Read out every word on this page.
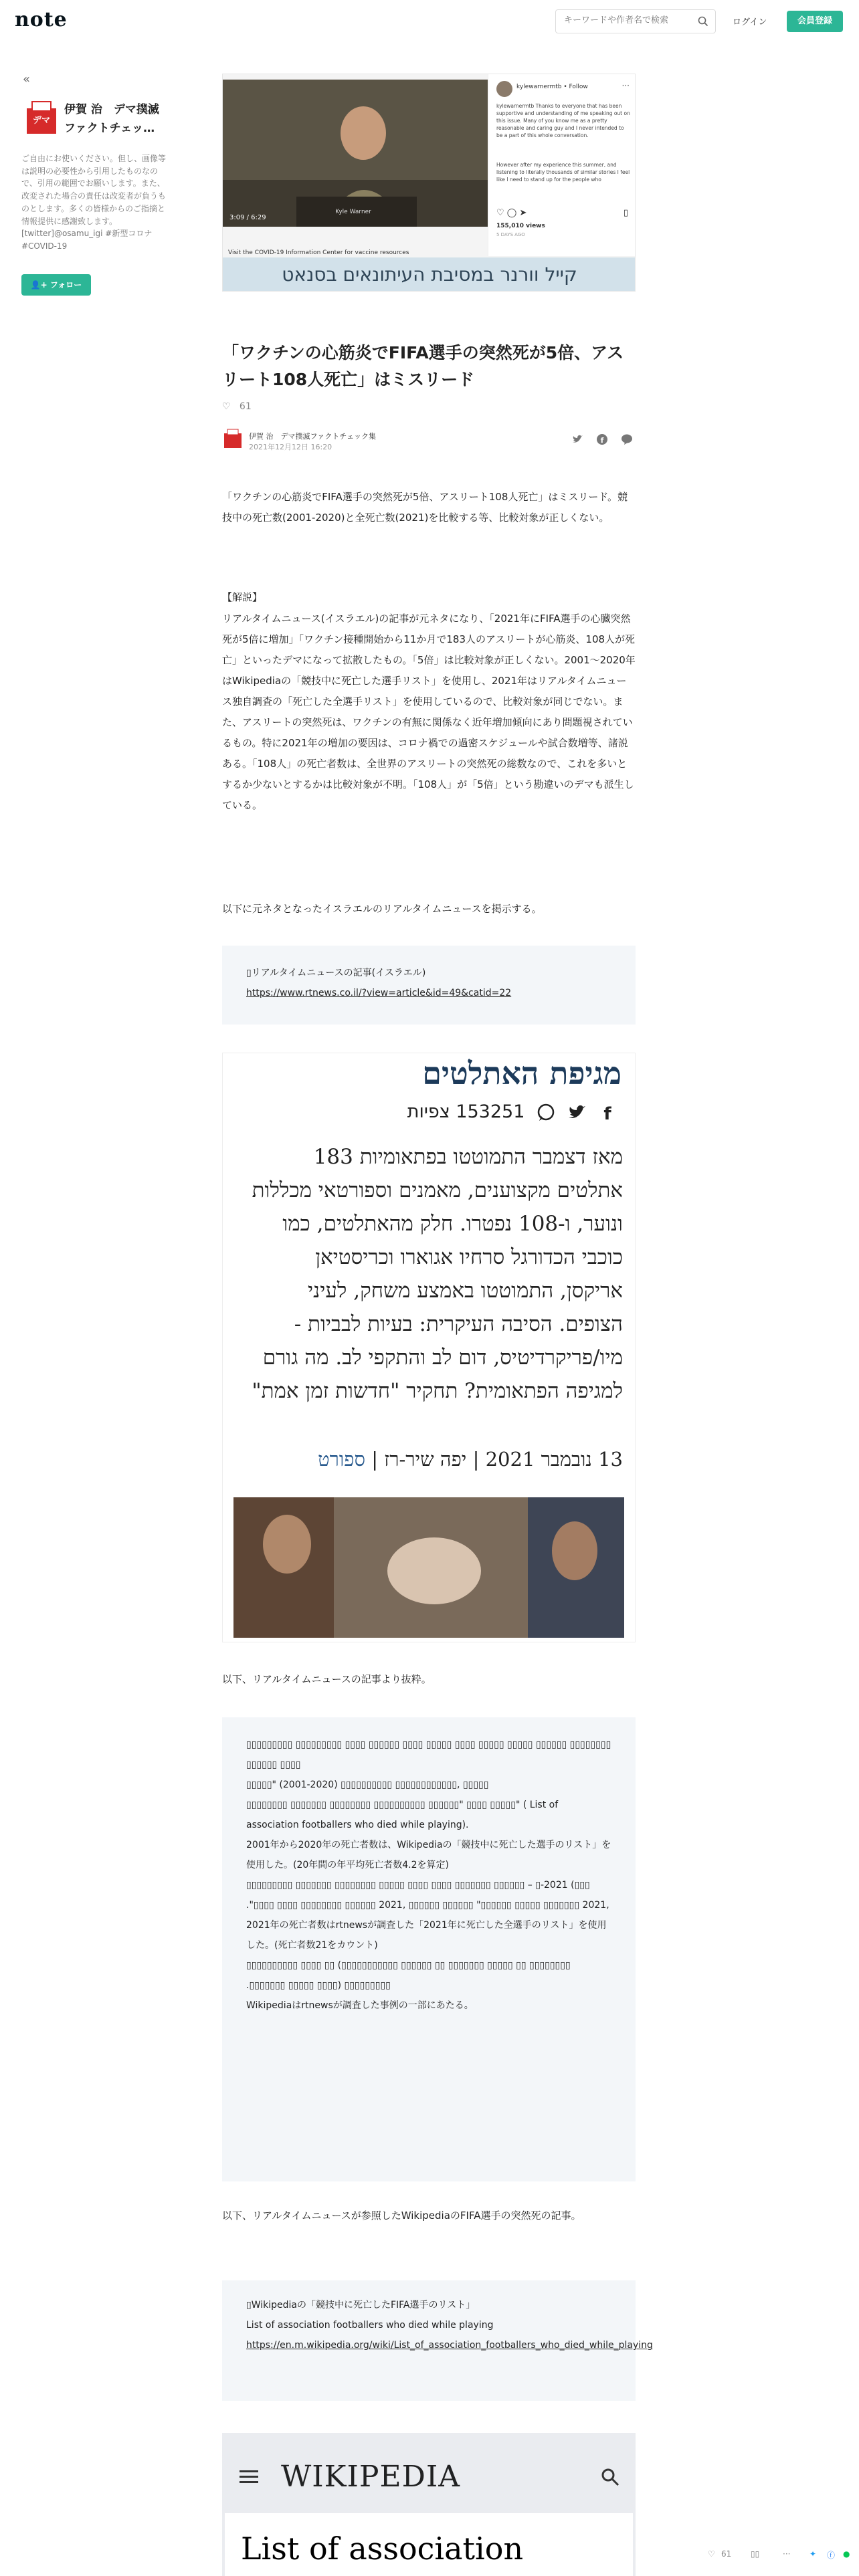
note
キーワードや作者名で検索	ログイン	会員登録
«
デマ
伊賀 治　デマ撲滅ファクトチェッ…
ご自由にお使いください。但し、画像等は説明の必要性から引用したものなので、引用の範囲でお願いします。また、改変された場合の責任は改変者が負うものとします。多くの皆様からのご指摘と情報提供に感謝致します。 [twitter]@osamu_igi #新型コロナ #COVID-19
👤+ フォロー
Kyle Warner
3:09 / 6:29
kylewarnermtb • Follow	···
kylewarnermtb Thanks to everyone that has been supportive and understanding of me speaking out on this issue. Many of you know me as a pretty reasonable and caring guy and I never intended to be a part of this whole conversation.
However after my experience this summer, and listening to literally thousands of similar stories I feel like I need to stand up for the people who
♡ ◯ ➤	▯
155,010 views
5 DAYS AGO
Visit the COVID-19 Information Center for vaccine resources
קייל וורנר במסיבת העיתונאים בסנאט
「ワクチンの心筋炎でFIFA選手の突然死が5倍、アスリート108人死亡」はミスリード
♡ 61
伊賀 治　デマ撲滅ファクトチェック集
2021年12月12日 16:20

f

「ワクチンの心筋炎でFIFA選手の突然死が5倍、アスリート108人死亡」はミスリード。競技中の死亡数(2001-2020)と全死亡数(2021)を比較する等、比較対象が正しくない。

【解説】

リアルタイムニュース(イスラエル)の記事が元ネタになり、「2021年にFIFA選手の心臓突然死が5倍に増加」「ワクチン接種開始から11か月で183人のアスリートが心筋炎、108人が死亡」といったデマになって拡散したもの。「5倍」は比較対象が正しくない。2001〜2020年はWikipediaの「競技中に死亡した選手リスト」を使用し、2021年はリアルタイムニュース独自調査の「死亡した全選手リスト」を使用しているので、比較対象が同じでない。また、アスリートの突然死は、ワクチンの有無に関係なく近年増加傾向にあり問題視されているもの。特に2021年の増加の要因は、コロナ禍での過密スケジュールや試合数増等、諸説ある。「108人」の死亡者数は、全世界のアスリートの突然死の総数なので、これを多いとするか少ないとするかは比較対象が不明。「108人」が「5倍」という勘違いのデマも派生している。

以下に元ネタとなったイスラエルのリアルタイムニュースを掲示する。

▯リアルタイムニュースの記事(イスラエル)
https://www.rtnews.co.il/?view=article&id=49&catid=22
מגיפת האתלטים
f
153251 צפיות
מאז דצמבר התמוטטו בפתאומיות 183 אתלטים מקצוענים, מאמנים וספורטאי מכללות ונוער, ו-108 נפטרו. חלק מהאתלטים, כמו כוכבי הכדורגל סרחיו אגוארו וכריסטיאן אריקסן, התמוטטו באמצע משחק, לעיני הצופים. הסיבה העיקרית: בעיות לבביות - מיו/פריקרדיטיס, דום לב והתקפי לב. מה גורם למגיפה הפתאומית? תחקיר "חדשות זמן אמת"
13 נובמבר 2021 | יפה שיר-רז | ספורט

以下、リアルタイムニュースの記事より抜粋。

▯▯▯▯▯▯▯▯ ▯▯▯▯▯▯ ▯▯▯▯▯ ▯▯▯▯▯ ▯▯▯▯ ▯▯▯▯▯ ▯▯▯▯ ▯▯▯▯▯▯ ▯▯▯▯ ▯▯▯▯▯▯▯▯▯ ▯▯▯▯▯▯▯▯▯ ▯▯▯▯ ▯▯▯▯▯▯
▯▯▯▯▯ ,▯▯▯▯▯▯▯▯▯▯▯▯ ▯▯▯▯▯▯▯▯▯▯ (2001-2020) "▯▯▯▯▯
▯▯▯▯▯▯▯▯ ▯▯▯▯▯▯▯ ▯▯▯▯▯▯▯▯ ▯▯▯▯▯▯▯▯▯▯ ▯▯▯▯▯▯" ▯▯▯▯ ▯▯▯▯▯" ( List of association footballers who died while playing).
2001年から2020年の死亡者数は、Wikipediaの「競技中に死亡した選手のリスト」を使用した。(20年間の年平均死亡者数4.2を算定)
▯▯▯) 2021-▯ – ▯▯▯▯▯▯ ▯▯▯▯▯▯▯ ▯▯▯▯ ▯▯▯▯ ▯▯▯▯▯ ▯▯▯▯▯▯▯▯ ▯▯▯▯▯▯▯ ▯▯▯▯▯▯▯▯▯ ,2021 ▯▯▯▯▯▯▯ ▯▯▯▯▯ ▯▯▯▯▯▯" ▯▯▯▯▯▯ ▯▯▯▯▯▯ ,2021 ▯▯▯▯▯▯ ▯▯▯▯▯▯▯▯ ▯▯▯▯ ▯▯▯▯".
2021年の死亡者数はrtnewsが調査した「2021年に死亡した全選手のリスト」を使用した。(死亡者数21をカウント)
▯▯▯▯▯▯▯▯ ▯▯ ▯▯▯▯▯ ▯▯▯▯▯▯▯ ▯▯ ▯▯▯▯▯▯ ▯▯▯▯▯▯▯▯▯▯▯) ▯▯ ▯▯▯▯ ▯▯▯▯▯▯▯▯▯▯ ▯▯▯▯▯▯▯▯▯ (▯▯▯▯ ▯▯▯▯▯ ▯▯▯▯▯▯▯.
Wikipediaはrtnewsが調査した事例の一部にあたる。

以下、リアルタイムニュースが参照したWikipediaのFIFA選手の突然死の記事。

▯Wikipediaの「競技中に死亡したFIFA選手のリスト」
List of association footballers who died while playing
https://en.m.wikipedia.org/wiki/List_of_association_footballers_who_died_while_playing
WIKIPEDIA
List of association	♡ 61 ▯▯	··· ✦ ⓕ ●
